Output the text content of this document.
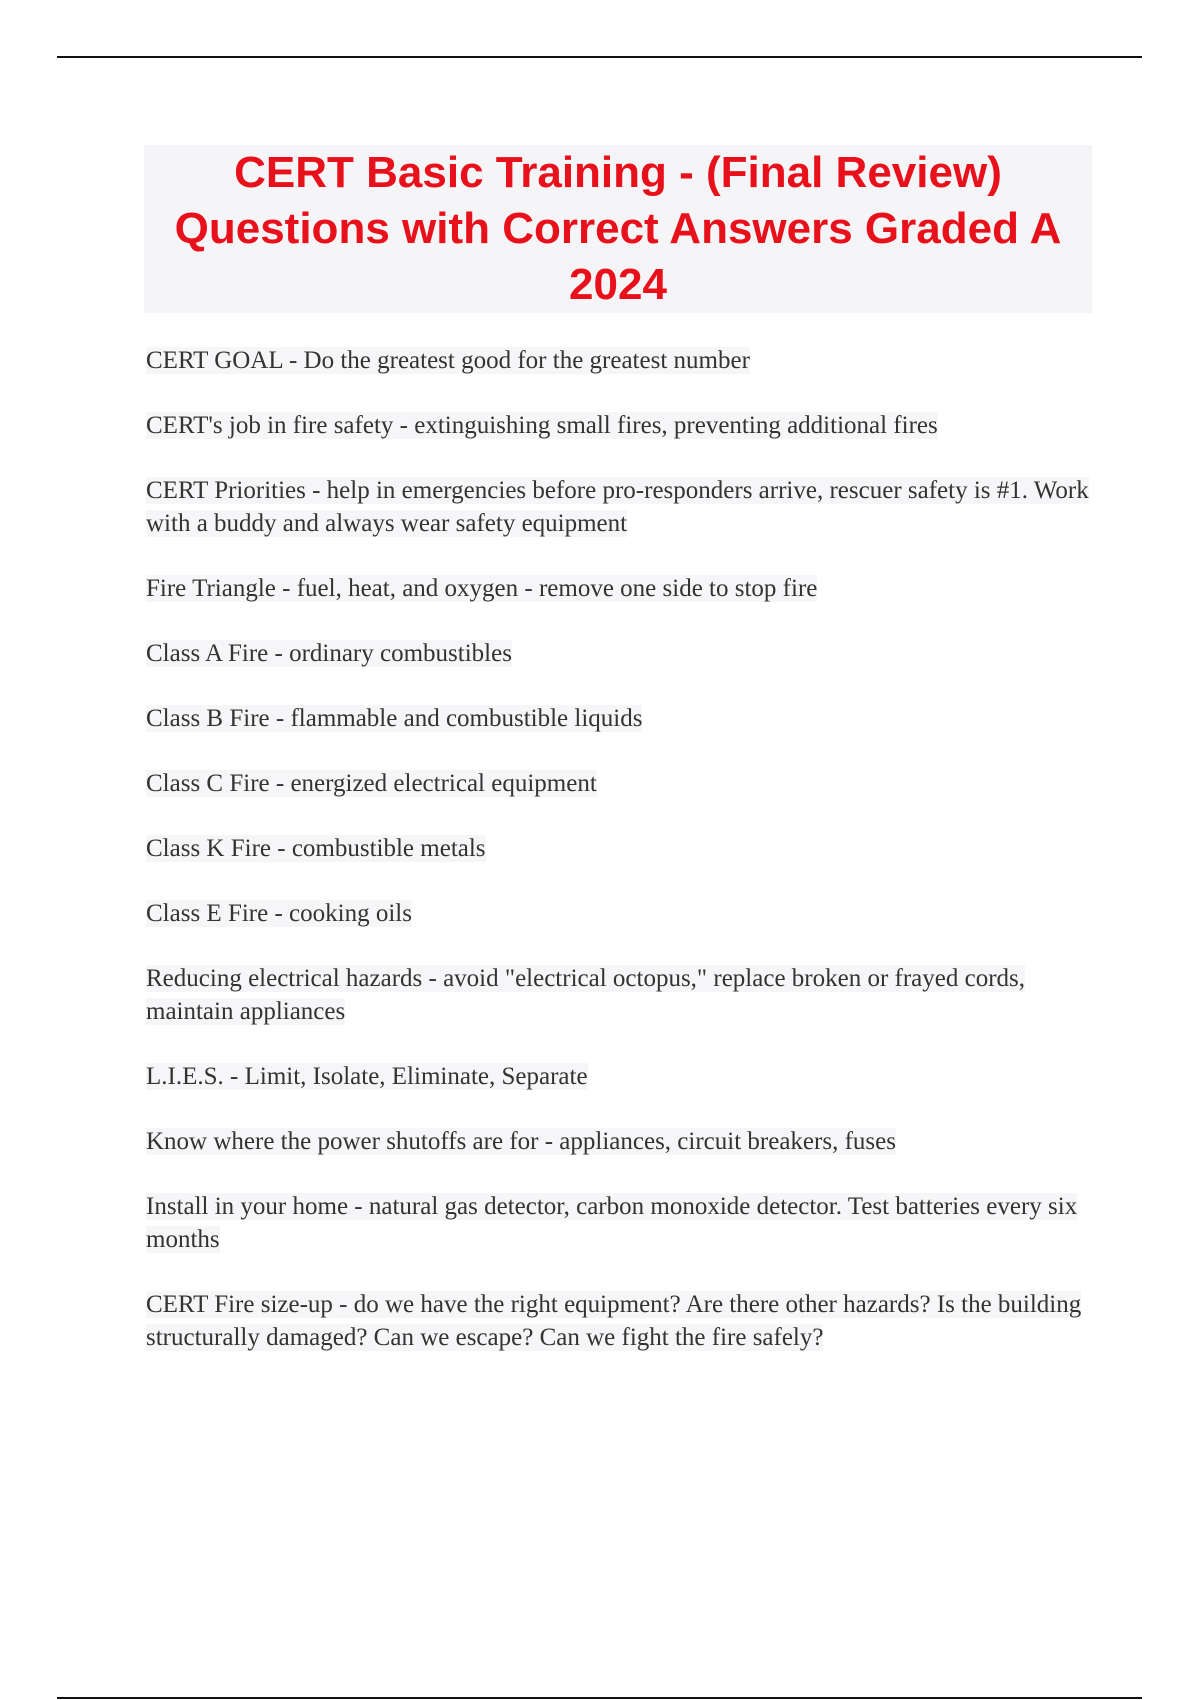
CERT Basic Training - (Final Review) Questions with Correct Answers Graded A 2024
CERT GOAL - Do the greatest good for the greatest number
CERT's job in fire safety - extinguishing small fires, preventing additional fires
CERT Priorities - help in emergencies before pro-responders arrive, rescuer safety is #1. Work with a buddy and always wear safety equipment
Fire Triangle - fuel, heat, and oxygen - remove one side to stop fire
Class A Fire - ordinary combustibles
Class B Fire - flammable and combustible liquids
Class C Fire - energized electrical equipment
Class K Fire - combustible metals
Class E Fire - cooking oils
Reducing electrical hazards - avoid "electrical octopus," replace broken or frayed cords, maintain appliances
L.I.E.S. - Limit, Isolate, Eliminate, Separate
Know where the power shutoffs are for - appliances, circuit breakers, fuses
Install in your home - natural gas detector, carbon monoxide detector. Test batteries every six months
CERT Fire size-up - do we have the right equipment? Are there other hazards? Is the building structurally damaged? Can we escape? Can we fight the fire safely?
